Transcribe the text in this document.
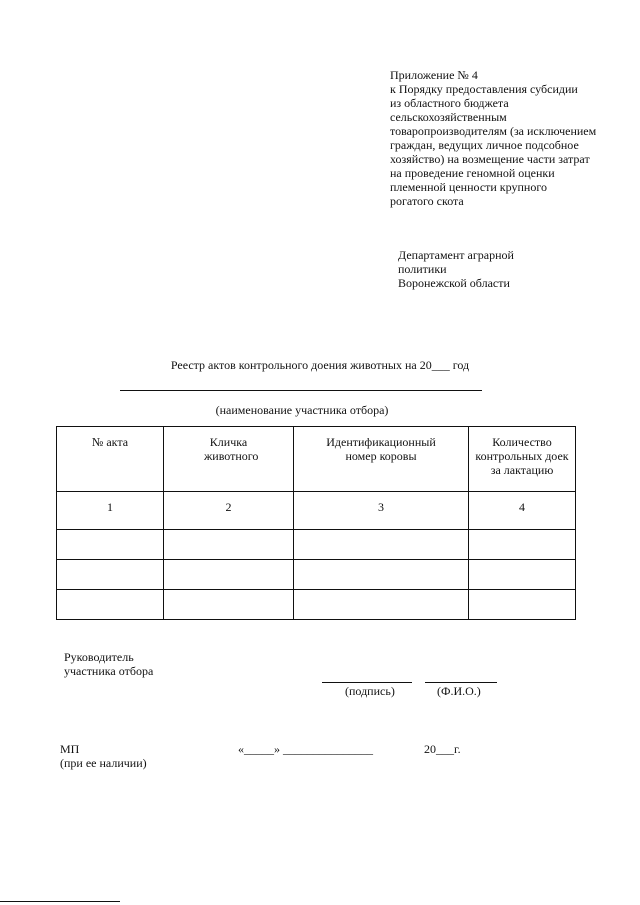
Приложение № 4
к Порядку предоставления субсидии
из областного бюджета
сельскохозяйственным
товаропроизводителям (за исключением
граждан, ведущих личное подсобное
хозяйство) на возмещение части затрат
на проведение геномной оценки
племенной ценности крупного
рогатого скота
Департамент аграрной
политики
Воронежской области
Реестр актов контрольного доения животных на 20___ год
(наименование участника отбора)
№ акта	Кличка животного	Идентификационный номер коровы	Количество контрольных доек за лактацию
1	2	3	4

Руководитель
участника отбора
(подпись)	(Ф.И.О.)
МП
(при ее наличии)
«_____» _______________	20___г.
